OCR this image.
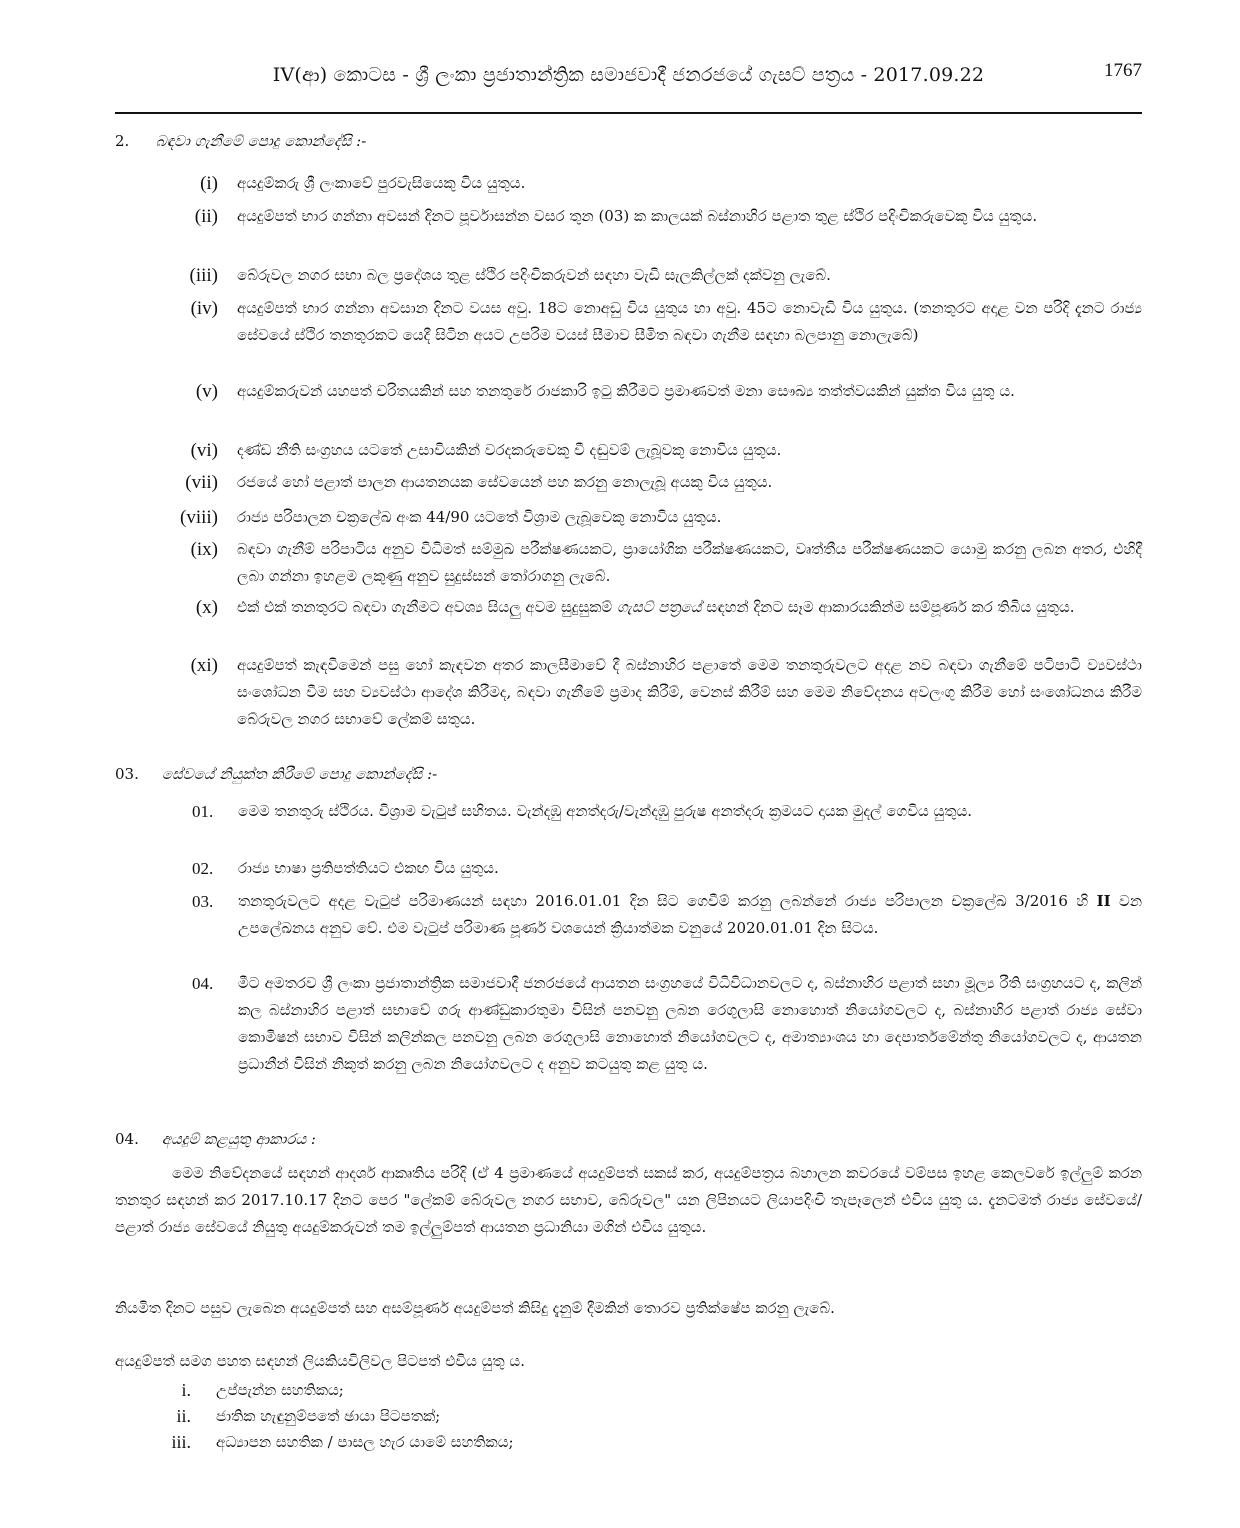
IV(ආ) කොටස - ශ්‍රී ලංකා ප්‍රජාතාන්ත්‍රික සමාජවාදී ජනරජයේ ගැසට් පත්‍රය - 2017.09.22	1767
2. බඳවා ගැනීමේ පොදු කොන්දේසි :-
(i) අයදුම්කරු ශ්‍රී ලංකාවේ පුරවැසියෙකු විය යුතුය.
(ii) අයදුම්පත් භාර ගන්නා අවසන් දිනට පූර්වාසන්න වසර තුන (03) ක කාලයක් බස්නාහිර පළාත තුළ ස්ථිර පදිංචිකරුවෙකු විය යුතුය.
(iii) බේරුවල නගර සභා බල ප්‍රදේශය තුළ ස්ථිර පදිංචිකරුවන් සඳහා වැඩි සැලකිල්ලක් දක්වනු ලැබේ.
(iv) අයදුම්පත් භාර ගන්නා අවසාන දිනට වයස අවු. 18ට නොඅඩු විය යුතුය හා අවු. 45ට නොවැඩි විය යුතුය. (තනතුරට අදාළ වන පරිදි දැනට රාජ්‍ය සේවයේ ස්ථිර තනතුරකට යෙදී සිටින අයට උපරිම වයස් සීමාව සීමිත බඳවා ගැනීම සඳහා බලපානු නොලැබේ)
(v) අයදුම්කරුවන් යහපත් චරිතයකින් සහ තනතුරේ රාජකාරි ඉටු කිරීමට ප්‍රමාණවත් මනා සෞඛ්‍ය තත්ත්වයකින් යුක්ත විය යුතු ය.
(vi) දණ්ඩ නීති සංග්‍රහය යටතේ උසාවියකින් වරදකරුවෙකු වී දඬුවම් ලැබූවකු නොවිය යුතුය.
(vii) රජයේ හෝ පළාත් පාලන ආයතනයක සේවයෙන් පහ කරනු නොලැබූ අයකු විය යුතුය.
(viii) රාජ්‍ය පරිපාලන චක්‍රලේඛ අංක 44/90 යටතේ විශ්‍රාම ලැබූවෙකු නොවිය යුතුය.
(ix) බඳවා ගැනීම් පරිපාටිය අනුව විධිමත් සම්මුඛ පරීක්ෂණයකට, ප්‍රායෝගික පරීක්ෂණයකට, වෘත්තීය පරීක්ෂණයකට යොමු කරනු ලබන අතර, එහිදී ලබා ගන්නා ඉහළම ලකුණු අනුව සුදුස්සන් තෝරාගනු ලැබේ.
(x) එක් එක් තනතුරට බඳවා ගැනීමට අවශ්‍ය සියලු අවම සුදුසුකම් ගැසට් පත්‍රයේ සඳහන් දිනට සෑම ආකාරයකින්ම සම්පූර්ණ කර තිබිය යුතුය.
(xi) අයදුම්පත් කැඳවීමෙන් පසු හෝ කැඳවන අතර කාලසීමාවේ දී බස්නාහිර පළාතේ මෙම තනතුරුවලට අදළ නව බඳවා ගැනීමේ පටිපාටි ව්‍යවස්ථා සංශෝධන වීම සහ ව්‍යවස්ථා ආදේශ කිරීමද, බඳවා ගැනීමේ ප්‍රමාද කිරීම්, වෙනස් කිරීම් සහ මෙම නිවේදනය අවලංගු කිරීම හෝ සංශෝධනය කිරීම බේරුවල නගර සභාවේ ලේකම් සතුය.
03. සේවයේ නියුක්ත කිරීමේ පොදු කොන්දේසි :-
01.	මෙම තනතුරු ස්ථිරය. විශ්‍රාම වැටුප් සහිතය. වැන්දඹු අනත්දරු/වැන්දඹු පුරුෂ අනත්දරු ක්‍රමයට දායක මුදල් ගෙවිය යුතුය.
02.	රාජ්‍ය භාෂා ප්‍රතිපත්තියට එකඟ විය යුතුය.
03.	තනතුරුවලට අදළ වැටුප් පරිමාණයන් සඳහා 2016.01.01 දින සිට ගෙවීම් කරනු ලබන්නේ රාජ්‍ය පරිපාලන චක්‍රලේඛ 3/2016 හි II වන උපලේඛනය අනුව වේ. එම වැටුප් පරිමාණ පූර්ණ වශයෙන් ක්‍රියාත්මක වනුයේ 2020.01.01 දින සිටය.
04.	මීට අමතරව ශ්‍රී ලංකා ප්‍රජාතාන්ත්‍රික සමාජවාදී ජනරජයේ ආයතන සංග්‍රහයේ විධිවිධානවලට ද, බස්නාහිර පළාත් සහා මූල්‍ය රීති සංග්‍රහයට ද, කලින් කල බස්නාහිර පළාත් සභාවේ ගරු ආණ්ඩුකාරතුමා විසින් පනවනු ලබන රෙගුලාසි නොහොත් නියෝගවලට ද, බස්නාහිර පළාත් රාජ්‍ය සේවා කොමිෂන් සභාව විසින් කලින්කල පනවනු ලබන රෙගුලාසි නොහොත් නියෝගවලට ද, අමාත්‍යාංශය හා දෙපාර්තමේන්තු නියෝගවලට ද, ආයතන ප්‍රධානීන් විසින් නිකුත් කරනු ලබන නියෝගවලට ද අනුව කටයුතු කළ යුතු ය.
04. අයදුම් කළයුතු ආකාරය :
මෙම නිවේදනයේ සඳහන් ආදර්ශ ආකෘතිය පරිදි (ඒ 4 ප්‍රමාණයේ අයදුම්පත් සකස් කර, අයදුම්පත්‍රය බහාලන කවරයේ වම්පස ඉහළ කෙලවරේ ඉල්ලුම් කරන තනතුර සඳහන් කර 2017.10.17 දිනට පෙර "ලේකම් බේරුවල නගර සභාව, බේරුවල" යන ලිපිනයට ලියාපදිංචි තැපෑලෙන් එවිය යුතු ය. දැනටමත් රාජ්‍ය සේවයේ/පළාත් රාජ්‍ය සේවයේ නියුතු අයදුම්කරුවන් තම ඉල්ලුම්පත් ආයතන ප්‍රධානියා මගින් එවිය යුතුය.
නියමිත දිනට පසුව ලැබෙන අයදුම්පත් සහ අසම්පූර්ණ අයදුම්පත් කිසිදු දැනුම් දීමකින් තොරව ප්‍රතික්ෂේප කරනු ලැබේ.
අයදුම්පත් සමග පහත සඳහන් ලියකියවිලිවල පිටපත් එවිය යුතු ය.
i. උප්පැන්න සහතිකය;
ii. ජාතික හැඳුනුම්පතේ ඡායා පිටපතක්;
iii. අධ්‍යාපන සහතික / පාසල හැර යාමේ සහතිකය;
